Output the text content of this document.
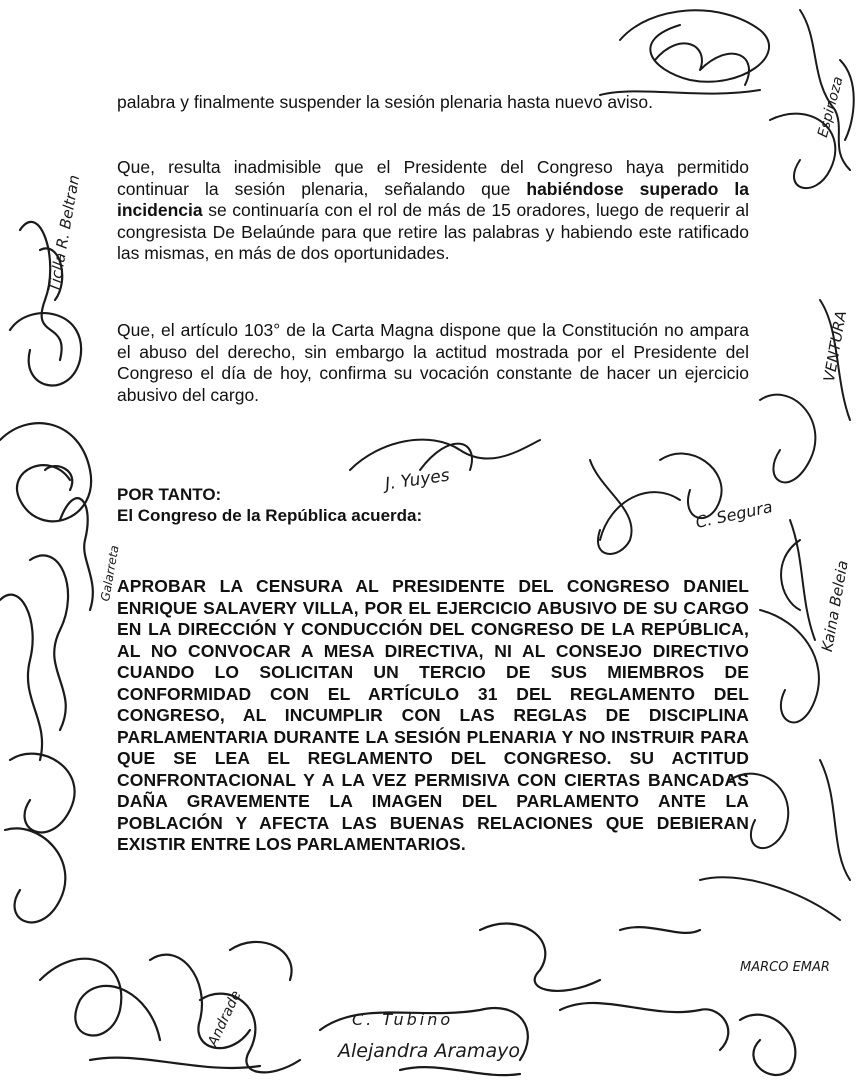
palabra y finalmente suspender la sesión plenaria hasta nuevo aviso.

Que, resulta inadmisible que el Presidente del Congreso haya permitido continuar la sesión plenaria, señalando que habiéndose superado la incidencia se continuaría con el rol de más de 15 oradores, luego de requerir al congresista De Belaúnde para que retire las palabras y habiendo este ratificado las mismas, en más de dos oportunidades.

Que, el artículo 103° de la Carta Magna dispone que la Constitución no ampara el abuso del derecho, sin embargo la actitud mostrada por el Presidente del Congreso el día de hoy, confirma su vocación constante de hacer un ejercicio abusivo del cargo.

POR TANTO:

El Congreso de la República acuerda:

APROBAR LA CENSURA AL PRESIDENTE DEL CONGRESO DANIEL ENRIQUE SALAVERY VILLA, POR EL EJERCICIO ABUSIVO DE SU CARGO EN LA DIRECCIÓN Y CONDUCCIÓN DEL CONGRESO DE LA REPÚBLICA, AL NO CONVOCAR A MESA DIRECTIVA, NI AL CONSEJO DIRECTIVO CUANDO LO SOLICITAN UN TERCIO DE SUS MIEMBROS DE CONFORMIDAD CON EL ARTÍCULO 31 DEL REGLAMENTO DEL CONGRESO, AL INCUMPLIR CON LAS REGLAS DE DISCIPLINA PARLAMENTARIA DURANTE LA SESIÓN PLENARIA Y NO INSTRUIR PARA QUE SE LEA EL REGLAMENTO DEL CONGRESO. SU ACTITUD CONFRONTACIONAL Y A LA VEZ PERMISIVA CON CIERTAS BANCADAS DAÑA GRAVEMENTE LA IMAGEN DEL PARLAMENTO ANTE LA POBLACIÓN Y AFECTA LAS BUENAS RELACIONES QUE DEBIERAN EXISTIR ENTRE LOS PARLAMENTARIOS.

J. Yuyes
C. Tubino
C. Segura
Ticlla R. Beltran
Kaina Beleia
VENTURA
Espinoza
Alejandra Aramayo
Andrade
Galarreta
MARCO EMAR
